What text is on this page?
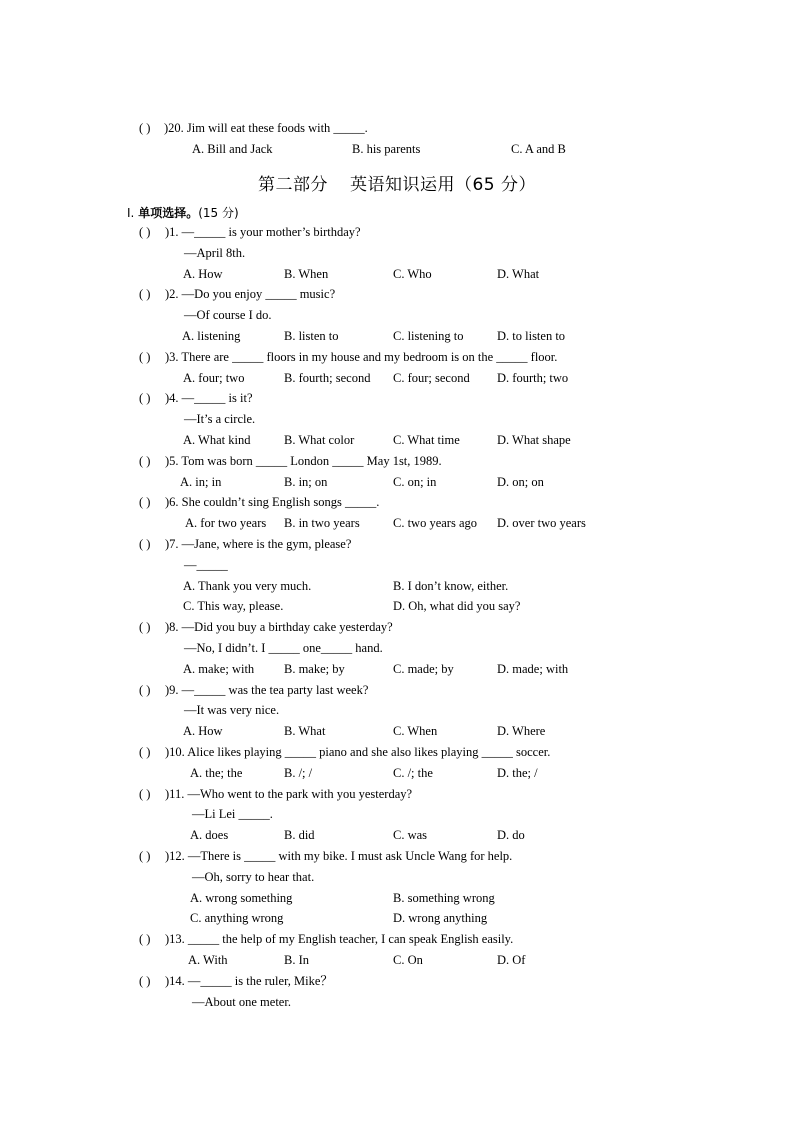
( ) )20. Jim will eat these foods with _____.
A. Bill and Jack	B. his parents	C. A and B
第二部分 英语知识运用（65 分）
Ⅰ. 单项选择。(15 分)
( ) )1. —_____ is your mother’s birthday?
—April 8th.
A. How	B. When	C. Who	D. What
( ) )2. —Do you enjoy _____ music?
—Of course I do.
A. listening	B. listen to	C. listening to	D. to listen to
( ) )3. There are _____ floors in my house and my bedroom is on the _____ floor.
A. four; two	B. fourth; second C. four; second D. fourth; two
( ) )4. —_____ is it?
—It’s a circle.
A. What kind	B. What color	C. What time	D. What shape
( ) )5. Tom was born _____ London _____ May 1st, 1989.
A. in; in	B. in; on	C. on; in	D. on; on
( ) )6. She couldn’t sing English songs _____.
A. for two years B. in two years	C. two years ago D. over two years
( ) )7. —Jane, where is the gym, please?
—_____
A. Thank you very much.	B. I don’t know, either.
C. This way, please.	D. Oh, what did you say?
( ) )8. —Did you buy a birthday cake yesterday?
—No, I didn’t. I _____ one_____ hand.
A. make; with B. make; by	C. made; by	D. made; with
( ) )9. —_____ was the tea party last week?
—It was very nice.
A. How	B. What	C. When	D. Where
( ) )10. Alice likes playing _____ piano and she also likes playing _____ soccer.
A. the; the	B. /; /	C. /; the	D. the; /
( ) )11. —Who went to the park with you yesterday?
—Li Lei _____.
A. does	B. did	C. was	D. do
( ) )12. —There is _____ with my bike. I must ask Uncle Wang for help.
—Oh, sorry to hear that.
A. wrong something	B. something wrong
C. anything wrong	D. wrong anything
( ) )13. _____ the help of my English teacher, I can speak English easily.
A. With	B. In	C. On	D. Of
( ) )14. —_____ is the ruler, Mike？
—About one meter.
